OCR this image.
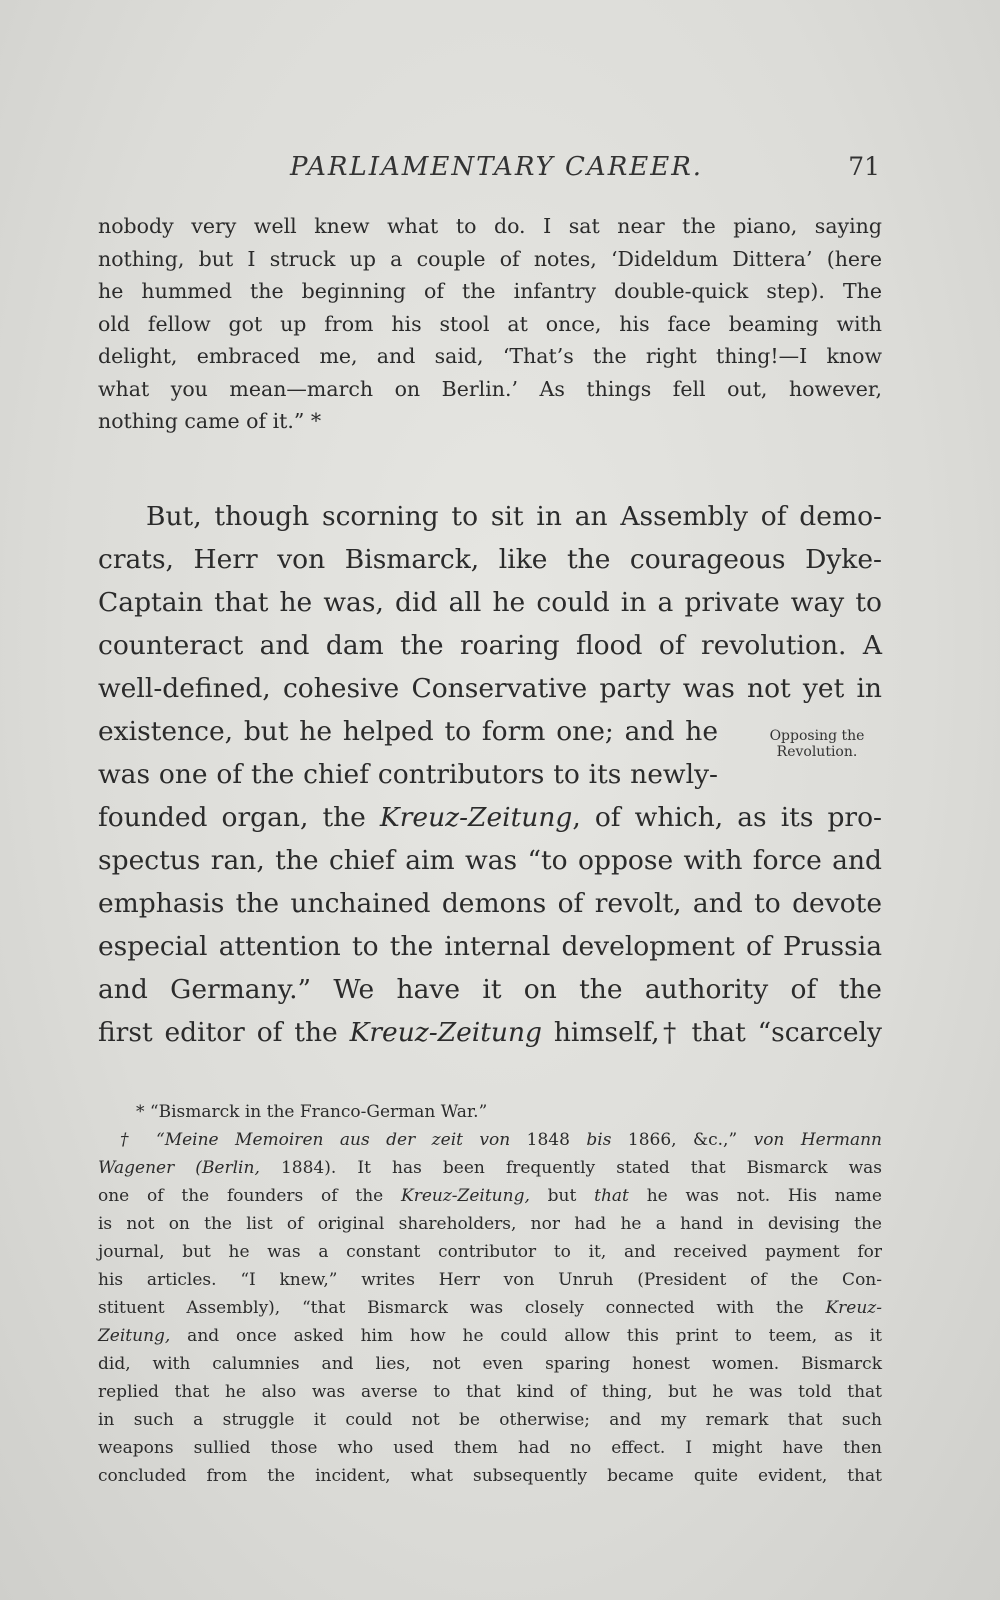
PARLIAMENTARY CAREER.	71

nobody very well knew what to do. I sat near the piano, saying
nothing, but I struck up a couple of notes, ‘Dideldum Dittera’ (here
he hummed the beginning of the infantry double-quick step). The
old fellow got up from his stool at once, his face beaming with
delight, embraced me, and said, ‘That’s the right thing!—I know
what you mean—march on Berlin.’ As things fell out, however,
nothing came of it.” *

But, though scorning to sit in an Assembly of demo-
crats, Herr von Bismarck, like the courageous Dyke-
Captain that he was, did all he could in a private way to
counteract and dam the roaring flood of revolution. A
well-defined, cohesive Conservative party was not yet in
existence, but he helped to form one; and he
was one of the chief contributors to its newly-
founded organ, the Kreuz-Zeitung, of which, as its pro-
spectus ran, the chief aim was “to oppose with force and
emphasis the unchained demons of revolt, and to devote
especial attention to the internal development of Prussia
and Germany.” We have it on the authority of the
first editor of the Kreuz-Zeitung himself,† that “scarcely

Opposing the
Revolution.

* “Bismarck in the Franco-German War.”

† “Meine Memoiren aus der zeit von 1848 bis 1866, &c.,” von Hermann
Wagener (Berlin, 1884). It has been frequently stated that Bismarck was
one of the founders of the Kreuz-Zeitung, but that he was not. His name
is not on the list of original shareholders, nor had he a hand in devising the
journal, but he was a constant contributor to it, and received payment for
his articles. “I knew,” writes Herr von Unruh (President of the Con-
stituent Assembly), “that Bismarck was closely connected with the Kreuz-
Zeitung, and once asked him how he could allow this print to teem, as it
did, with calumnies and lies, not even sparing honest women. Bismarck
replied that he also was averse to that kind of thing, but he was told that
in such a struggle it could not be otherwise; and my remark that such
weapons sullied those who used them had no effect. I might have then
concluded from the incident, what subsequently became quite evident, that
